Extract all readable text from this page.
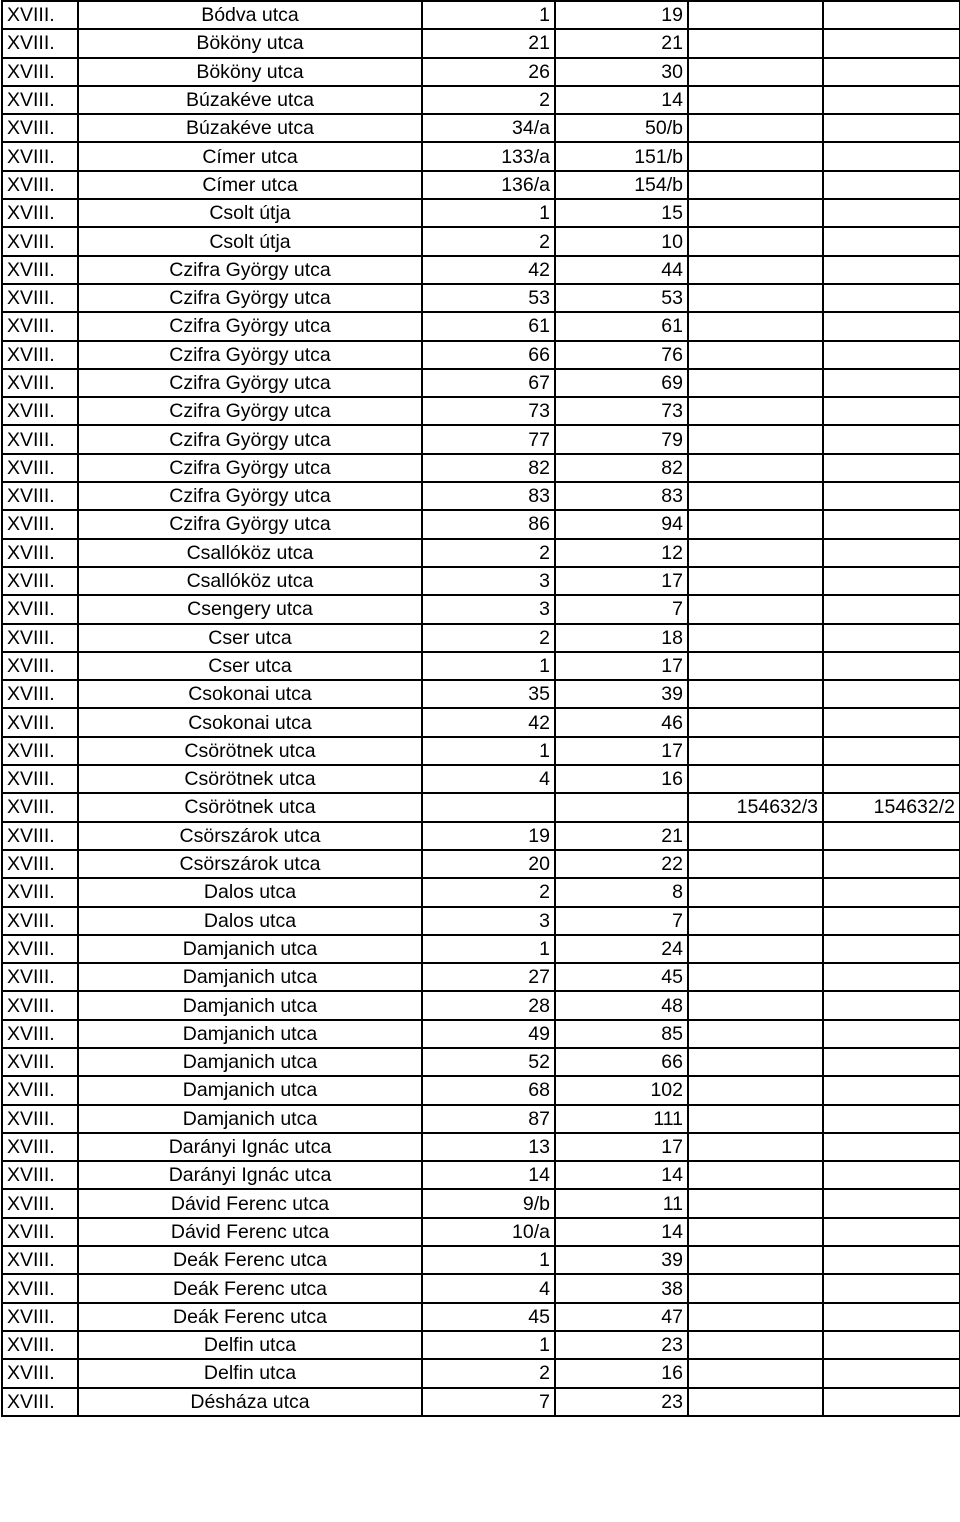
XVIII.	Bódva utca	1	19		
XVIII.	Bököny utca	21	21		
XVIII.	Bököny utca	26	30		
XVIII.	Búzakéve utca	2	14		
XVIII.	Búzakéve utca	34/a	50/b		
XVIII.	Címer utca	133/a	151/b		
XVIII.	Címer utca	136/a	154/b		
XVIII.	Csolt útja	1	15		
XVIII.	Csolt útja	2	10		
XVIII.	Czifra György utca	42	44		
XVIII.	Czifra György utca	53	53		
XVIII.	Czifra György utca	61	61		
XVIII.	Czifra György utca	66	76		
XVIII.	Czifra György utca	67	69		
XVIII.	Czifra György utca	73	73		
XVIII.	Czifra György utca	77	79		
XVIII.	Czifra György utca	82	82		
XVIII.	Czifra György utca	83	83		
XVIII.	Czifra György utca	86	94		
XVIII.	Csallóköz utca	2	12		
XVIII.	Csallóköz utca	3	17		
XVIII.	Csengery utca	3	7		
XVIII.	Cser utca	2	18		
XVIII.	Cser utca	1	17		
XVIII.	Csokonai utca	35	39		
XVIII.	Csokonai utca	42	46		
XVIII.	Csörötnek utca	1	17		
XVIII.	Csörötnek utca	4	16		
XVIII.	Csörötnek utca			154632/3	154632/2
XVIII.	Csörszárok utca	19	21		
XVIII.	Csörszárok utca	20	22		
XVIII.	Dalos utca	2	8		
XVIII.	Dalos utca	3	7		
XVIII.	Damjanich utca	1	24		
XVIII.	Damjanich utca	27	45		
XVIII.	Damjanich utca	28	48		
XVIII.	Damjanich utca	49	85		
XVIII.	Damjanich utca	52	66		
XVIII.	Damjanich utca	68	102		
XVIII.	Damjanich utca	87	111		
XVIII.	Darányi Ignác utca	13	17		
XVIII.	Darányi Ignác utca	14	14		
XVIII.	Dávid Ferenc utca	9/b	11		
XVIII.	Dávid Ferenc utca	10/a	14		
XVIII.	Deák Ferenc utca	1	39		
XVIII.	Deák Ferenc utca	4	38		
XVIII.	Deák Ferenc utca	45	47		
XVIII.	Delfin utca	1	23		
XVIII.	Delfin utca	2	16		
XVIII.	Désháza utca	7	23		
